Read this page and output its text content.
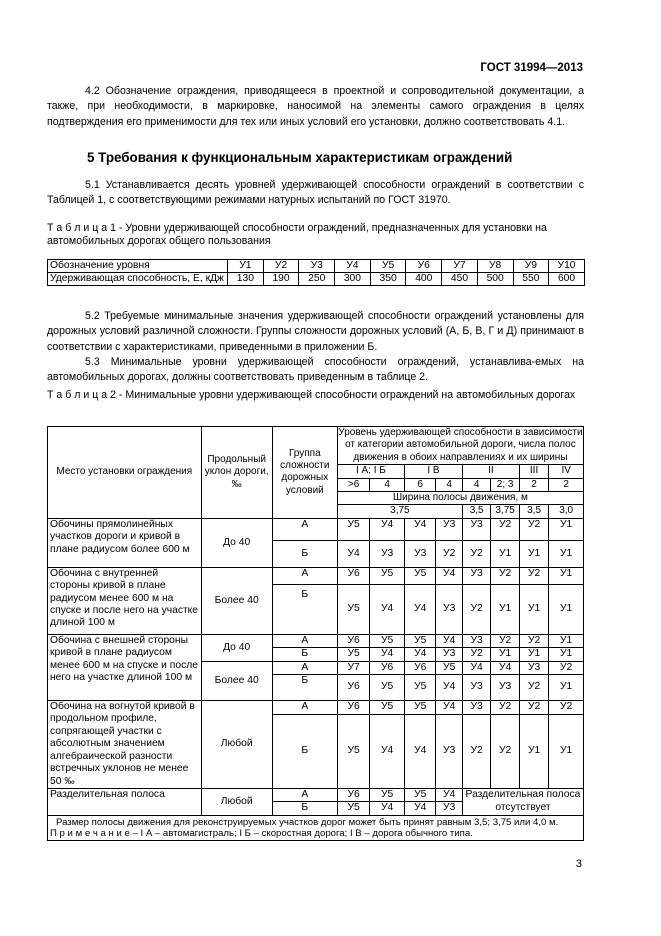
ГОСТ 31994—2013
4.2 Обозначение ограждения, приводящееся в проектной и сопроводительной документации, а также, при необходимости, в маркировке, наносимой на элементы самого ограждения в целях подтверждения его применимости для тех или иных условий его установки, должно соответствовать 4.1.
5 Требования к функциональным характеристикам ограждений
5.1 Устанавливается десять уровней удерживающей способности ограждений в соответствии с Таблицей 1, с соответствующими режимами натурных испытаний по ГОСТ 31970.
Т а б л и ц а 1 - Уровни удерживающей способности ограждений, предназначенных для установки на автомобильных дорогах общего пользования
Обозначение уровня	У1	У2	У3	У4	У5	У6	У7	У8	У9	У10
Удерживающая способность, Е, кДж	130	190	250	300	350	400	450	500	550	600
5.2 Требуемые минимальные значения удерживающей способности ограждений установлены для дорожных условий различной сложности. Группы сложности дорожных условий (А, Б, В, Г и Д) принимают в соответствии с характеристиками, приведенными в приложении Б.
5.3 Минимальные уровни удерживающей способности ограждений, устанавлива-емых на автомобильных дорогах, должны соответствовать приведенным в таблице 2.
Т а б л и ц а 2 - Минимальные уровни удерживающей способности ограждений на автомобильных дорогах
Место установки ограждения	Продольный уклон дороги, ‰	Группа сложности дорожных условий	Уровень удерживающей способности в зависимости от категории автомобильной дороги, числа полос движения в обоих направлениях и их ширины							
			I А; I Б		I В		II		III	IV
			>6	4	6	4	4	2; 3	2	2
			Ширина полосы движения, м							
			3,75				3,5	3,75	3,5	3,0
Обочины прямолинейных участков дороги и кривой в плане радиусом более 600 м	До 40	А	У5	У4	У4	У3	У3	У2	У2	У1
		Б	У4	У3	У3	У2	У2	У1	У1	У1
Обочина с внутренней стороны кривой в плане радиусом менее 600 м на спуске и после него на участке длиной 100 м	Более 40	А	У6	У5	У5	У4	У3	У2	У2	У1
		Б	У5	У4	У4	У3	У2	У1	У1	У1
Обочина с внешней стороны кривой в плане радиусом менее 600 м на спуске и после него на участке длиной 100 м	До 40	А	У6	У5	У5	У4	У3	У2	У2	У1
		Б	У5	У4	У4	У3	У2	У1	У1	У1
	Более 40	А	У7	У6	У6	У5	У4	У4	У3	У2
		Б	У6	У5	У5	У4	У3	У3	У2	У1
Обочина на вогнутой кривой в продольном профиле, сопрягающей участки с абсолютным значением алгебраической разности встречных уклонов не менее 50 ‰	Любой	А	У6	У5	У5	У4	У3	У2	У2	У2
		Б	У5	У4	У4	У3	У2	У2	У1	У1
Разделительная полоса	Любой	А	У6	У5	У5	У4	Разделительная полоса отсутствует			
		Б	У5	У4	У4	У3				
Размер полосы движения для реконструируемых участков дорог может быть принят равным 3,5; 3,75 или 4,0 м.										
П р и м е ч а н и е – I А – автомагистраль; I Б – скоростная дорога; I В – дорога обычного типа.										
3
